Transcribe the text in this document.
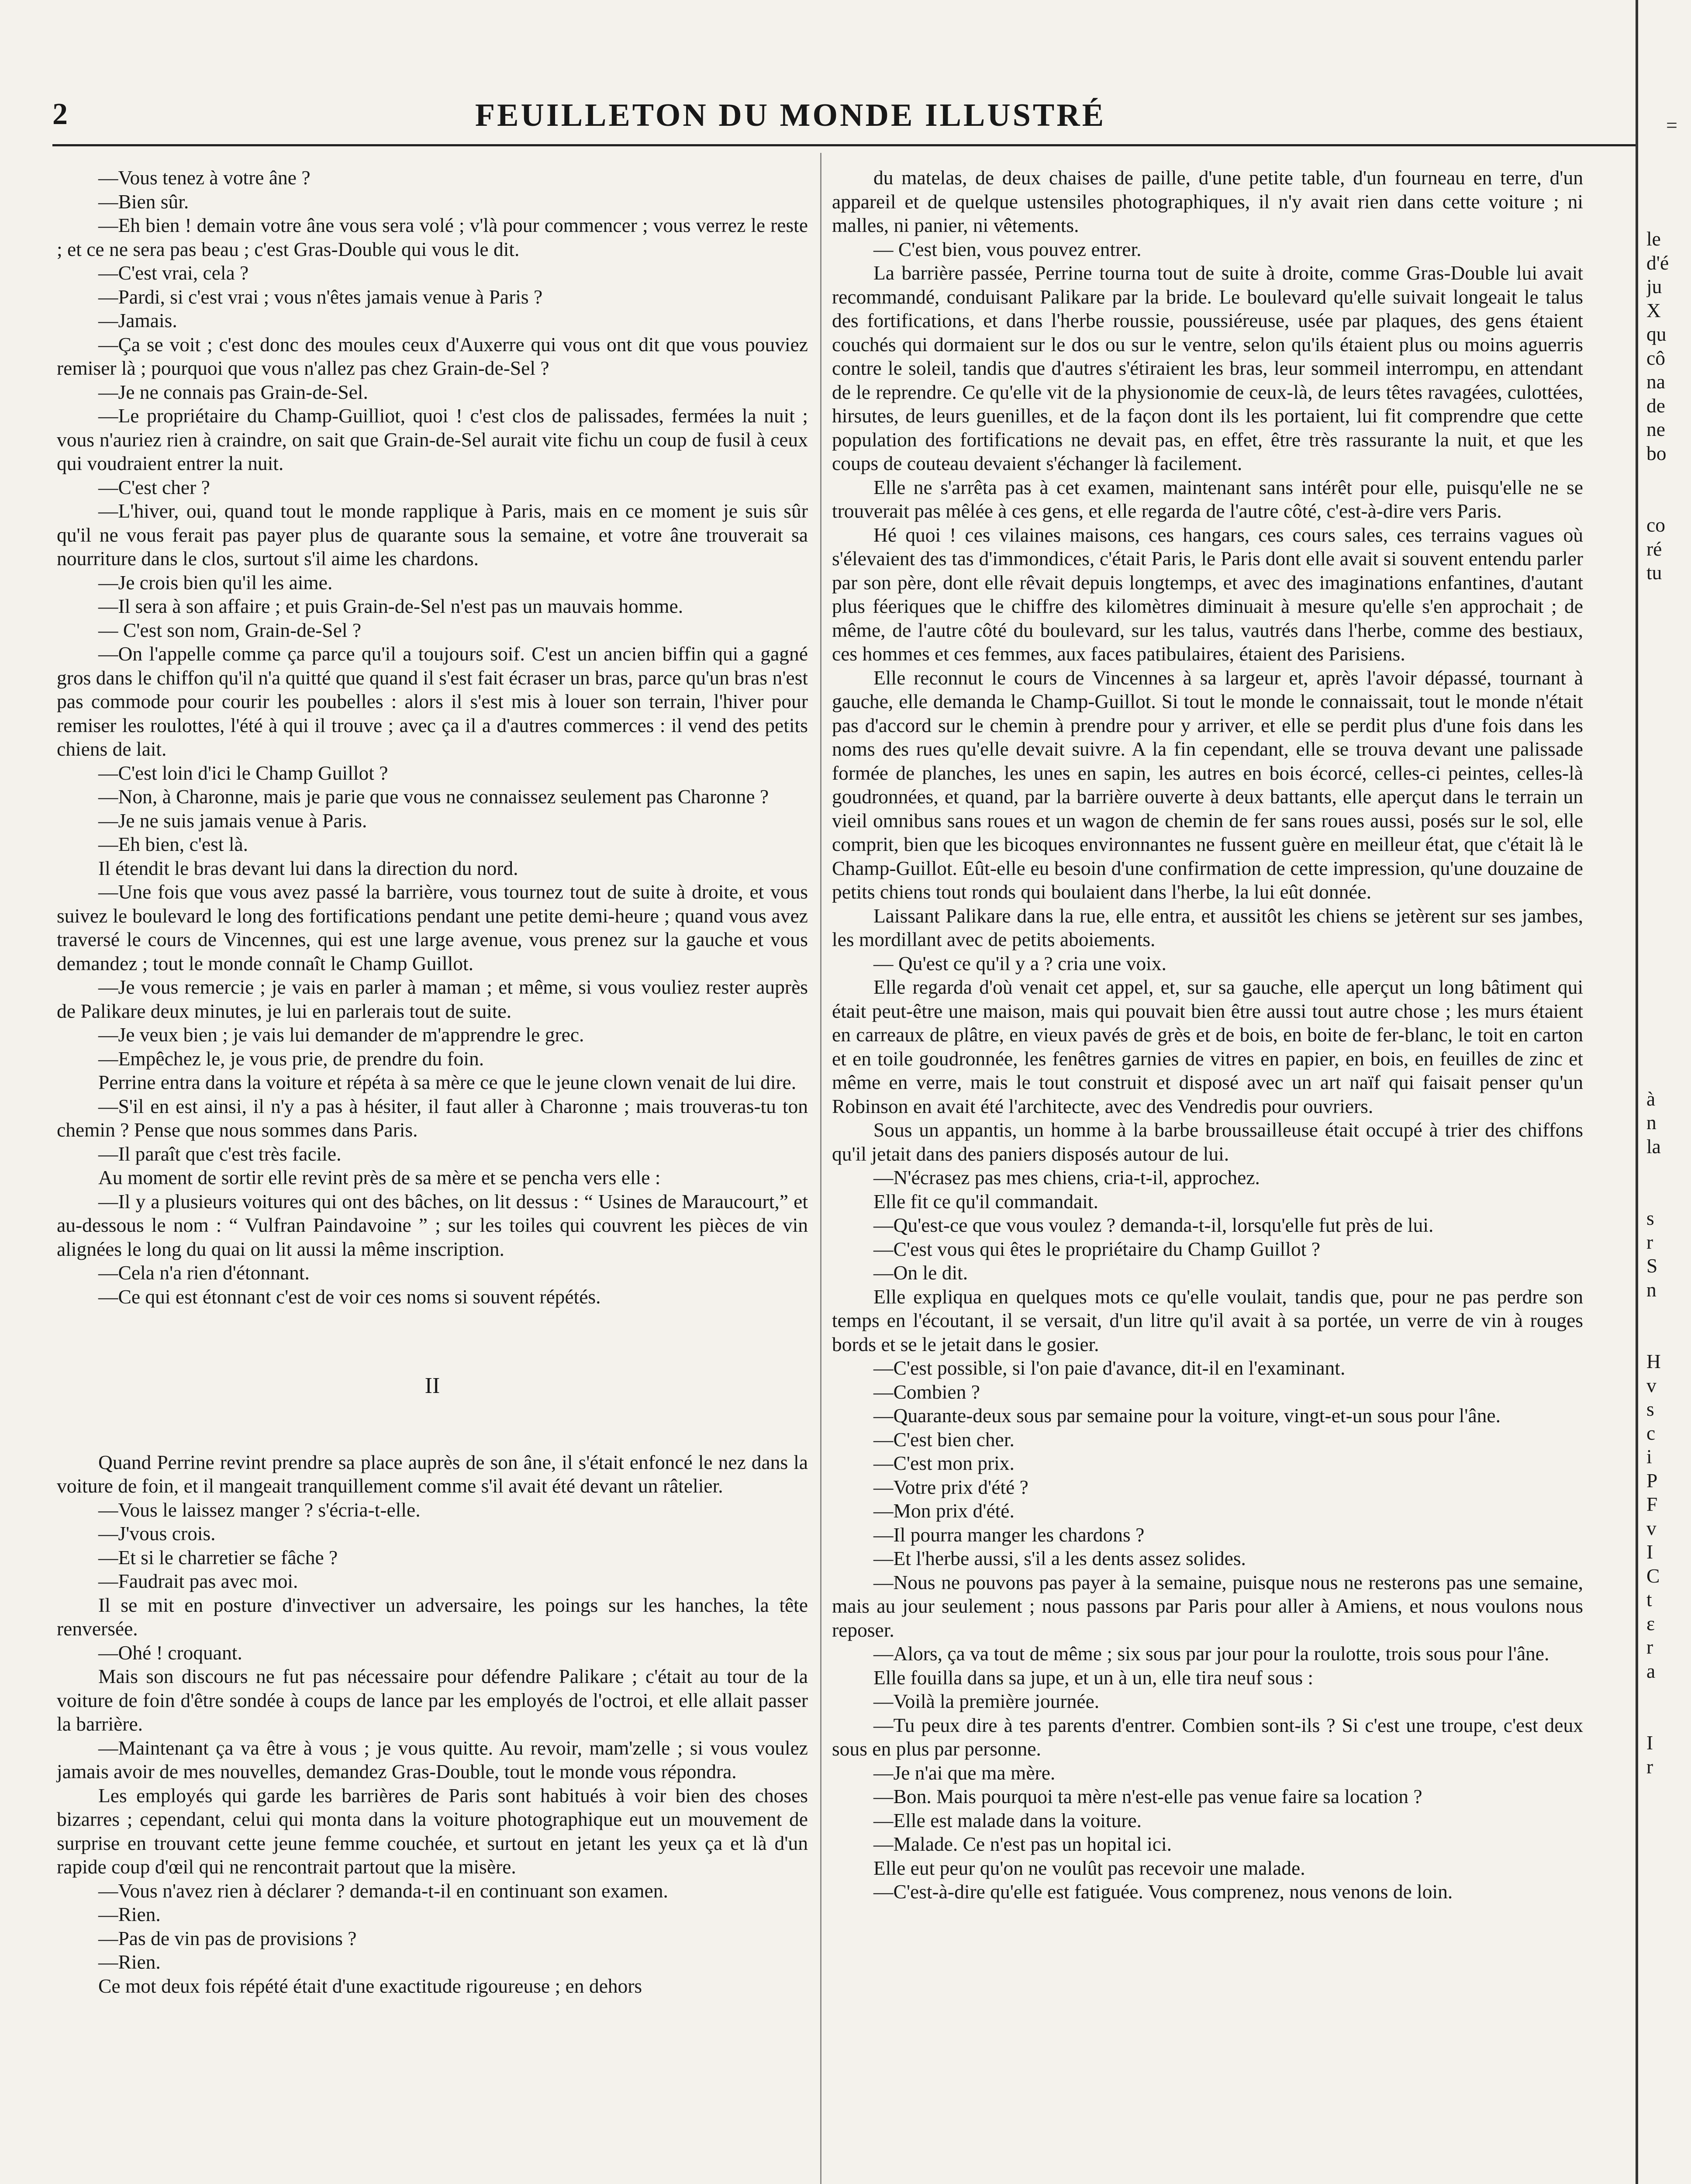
2	FEUILLETON DU MONDE ILLUSTRÉ

—Vous tenez à votre âne ?

—Bien sûr.

—Eh bien ! demain votre âne vous sera volé ; v'là pour commencer ; vous verrez le reste ; et ce ne sera pas beau ; c'est Gras-Double qui vous le dit.

—C'est vrai, cela ?

—Pardi, si c'est vrai ; vous n'êtes jamais venue à Paris ?

—Jamais.

—Ça se voit ; c'est donc des moules ceux d'Auxerre qui vous ont dit que vous pouviez remiser là ; pourquoi que vous n'allez pas chez Grain-de-Sel ?

—Je ne connais pas Grain-de-Sel.

—Le propriétaire du Champ-Guilliot, quoi ! c'est clos de palissades, fermées la nuit ; vous n'auriez rien à craindre, on sait que Grain-de-Sel aurait vite fichu un coup de fusil à ceux qui voudraient entrer la nuit.

—C'est cher ?

—L'hiver, oui, quand tout le monde rapplique à Paris, mais en ce moment je suis sûr qu'il ne vous ferait pas payer plus de quarante sous la semaine, et votre âne trouverait sa nourriture dans le clos, surtout s'il aime les chardons.

—Je crois bien qu'il les aime.

—Il sera à son affaire ; et puis Grain-de-Sel n'est pas un mauvais homme.

— C'est son nom, Grain-de-Sel ?

—On l'appelle comme ça parce qu'il a toujours soif. C'est un ancien biffin qui a gagné gros dans le chiffon qu'il n'a quitté que quand il s'est fait écraser un bras, parce qu'un bras n'est pas commode pour courir les poubelles : alors il s'est mis à louer son terrain, l'hiver pour remiser les roulottes, l'été à qui il trouve ; avec ça il a d'autres commerces : il vend des petits chiens de lait.

—C'est loin d'ici le Champ Guillot ?

—Non, à Charonne, mais je parie que vous ne connaissez seulement pas Charonne ?

—Je ne suis jamais venue à Paris.

—Eh bien, c'est là.

Il étendit le bras devant lui dans la direction du nord.

—Une fois que vous avez passé la barrière, vous tournez tout de suite à droite, et vous suivez le boulevard le long des fortifications pendant une petite demi-heure ; quand vous avez traversé le cours de Vincennes, qui est une large avenue, vous prenez sur la gauche et vous demandez ; tout le monde connaît le Champ Guillot.

—Je vous remercie ; je vais en parler à maman ; et même, si vous vouliez rester auprès de Palikare deux minutes, je lui en parlerais tout de suite.

—Je veux bien ; je vais lui demander de m'apprendre le grec.

—Empêchez le, je vous prie, de prendre du foin.

Perrine entra dans la voiture et répéta à sa mère ce que le jeune clown venait de lui dire.

—S'il en est ainsi, il n'y a pas à hésiter, il faut aller à Charonne ; mais trouveras-tu ton chemin ? Pense que nous sommes dans Paris.

—Il paraît que c'est très facile.

Au moment de sortir elle revint près de sa mère et se pencha vers elle :

—Il y a plusieurs voitures qui ont des bâches, on lit dessus : “ Usines de Maraucourt,” et au-dessous le nom : “ Vulfran Paindavoine ” ; sur les toiles qui couvrent les pièces de vin alignées le long du quai on lit aussi la même inscription.

—Cela n'a rien d'étonnant.

—Ce qui est étonnant c'est de voir ces noms si souvent répétés.

II

Quand Perrine revint prendre sa place auprès de son âne, il s'était enfoncé le nez dans la voiture de foin, et il mangeait tranquillement comme s'il avait été devant un râtelier.

—Vous le laissez manger ? s'écria-t-elle.

—J'vous crois.

—Et si le charretier se fâche ?

—Faudrait pas avec moi.

Il se mit en posture d'invectiver un adversaire, les poings sur les hanches, la tête renversée.

—Ohé ! croquant.

Mais son discours ne fut pas nécessaire pour défendre Palikare ; c'était au tour de la voiture de foin d'être sondée à coups de lance par les employés de l'octroi, et elle allait passer la barrière.

—Maintenant ça va être à vous ; je vous quitte. Au revoir, mam'zelle ; si vous voulez jamais avoir de mes nouvelles, demandez Gras-Double, tout le monde vous répondra.

Les employés qui garde les barrières de Paris sont habitués à voir bien des choses bizarres ; cependant, celui qui monta dans la voiture photographique eut un mouvement de surprise en trouvant cette jeune femme couchée, et surtout en jetant les yeux ça et là d'un rapide coup d'œil qui ne rencontrait partout que la misère.

—Vous n'avez rien à déclarer ? demanda-t-il en continuant son examen.

—Rien.

—Pas de vin pas de provisions ?

—Rien.

Ce mot deux fois répété était d'une exactitude rigoureuse ; en dehors

du matelas, de deux chaises de paille, d'une petite table, d'un fourneau en terre, d'un appareil et de quelque ustensiles photographiques, il n'y avait rien dans cette voiture ; ni malles, ni panier, ni vêtements.

— C'est bien, vous pouvez entrer.

La barrière passée, Perrine tourna tout de suite à droite, comme Gras-Double lui avait recommandé, conduisant Palikare par la bride. Le boulevard qu'elle suivait longeait le talus des fortifications, et dans l'herbe roussie, poussiéreuse, usée par plaques, des gens étaient couchés qui dormaient sur le dos ou sur le ventre, selon qu'ils étaient plus ou moins aguerris contre le soleil, tandis que d'autres s'étiraient les bras, leur sommeil interrompu, en attendant de le reprendre. Ce qu'elle vit de la physionomie de ceux-là, de leurs têtes ravagées, culottées, hirsutes, de leurs guenilles, et de la façon dont ils les portaient, lui fit comprendre que cette population des fortifications ne devait pas, en effet, être très rassurante la nuit, et que les coups de couteau devaient s'échanger là facilement.

Elle ne s'arrêta pas à cet examen, maintenant sans intérêt pour elle, puisqu'elle ne se trouverait pas mêlée à ces gens, et elle regarda de l'autre côté, c'est-à-dire vers Paris.

Hé quoi ! ces vilaines maisons, ces hangars, ces cours sales, ces terrains vagues où s'élevaient des tas d'immondices, c'était Paris, le Paris dont elle avait si souvent entendu parler par son père, dont elle rêvait depuis longtemps, et avec des imaginations enfantines, d'autant plus féeriques que le chiffre des kilomètres diminuait à mesure qu'elle s'en approchait ; de même, de l'autre côté du boulevard, sur les talus, vautrés dans l'herbe, comme des bestiaux, ces hommes et ces femmes, aux faces patibulaires, étaient des Parisiens.

Elle reconnut le cours de Vincennes à sa largeur et, après l'avoir dépassé, tournant à gauche, elle demanda le Champ-Guillot. Si tout le monde le connaissait, tout le monde n'était pas d'accord sur le chemin à prendre pour y arriver, et elle se perdit plus d'une fois dans les noms des rues qu'elle devait suivre. A la fin cependant, elle se trouva devant une palissade formée de planches, les unes en sapin, les autres en bois écorcé, celles-ci peintes, celles-là goudronnées, et quand, par la barrière ouverte à deux battants, elle aperçut dans le terrain un vieil omnibus sans roues et un wagon de chemin de fer sans roues aussi, posés sur le sol, elle comprit, bien que les bicoques environnantes ne fussent guère en meilleur état, que c'était là le Champ-Guillot. Eût-elle eu besoin d'une confirmation de cette impression, qu'une douzaine de petits chiens tout ronds qui boulaient dans l'herbe, la lui eût donnée.

Laissant Palikare dans la rue, elle entra, et aussitôt les chiens se jetèrent sur ses jambes, les mordillant avec de petits aboiements.

— Qu'est ce qu'il y a ? cria une voix.

Elle regarda d'où venait cet appel, et, sur sa gauche, elle aperçut un long bâtiment qui était peut-être une maison, mais qui pouvait bien être aussi tout autre chose ; les murs étaient en carreaux de plâtre, en vieux pavés de grès et de bois, en boite de fer-blanc, le toit en carton et en toile goudronnée, les fenêtres garnies de vitres en papier, en bois, en feuilles de zinc et même en verre, mais le tout construit et disposé avec un art naïf qui faisait penser qu'un Robinson en avait été l'architecte, avec des Vendredis pour ouvriers.

Sous un appantis, un homme à la barbe broussailleuse était occupé à trier des chiffons qu'il jetait dans des paniers disposés autour de lui.

—N'écrasez pas mes chiens, cria-t-il, approchez.

Elle fit ce qu'il commandait.

—Qu'est-ce que vous voulez ? demanda-t-il, lorsqu'elle fut près de lui.

—C'est vous qui êtes le propriétaire du Champ Guillot ?

—On le dit.

Elle expliqua en quelques mots ce qu'elle voulait, tandis que, pour ne pas perdre son temps en l'écoutant, il se versait, d'un litre qu'il avait à sa portée, un verre de vin à rouges bords et se le jetait dans le gosier.

—C'est possible, si l'on paie d'avance, dit-il en l'examinant.

—Combien ?

—Quarante-deux sous par semaine pour la voiture, vingt-et-un sous pour l'âne.

—C'est bien cher.

—C'est mon prix.

—Votre prix d'été ?

—Mon prix d'été.

—Il pourra manger les chardons ?

—Et l'herbe aussi, s'il a les dents assez solides.

—Nous ne pouvons pas payer à la semaine, puisque nous ne resterons pas une semaine, mais au jour seulement ; nous passons par Paris pour aller à Amiens, et nous voulons nous reposer.

—Alors, ça va tout de même ; six sous par jour pour la roulotte, trois sous pour l'âne.

Elle fouilla dans sa jupe, et un à un, elle tira neuf sous :

—Voilà la première journée.

—Tu peux dire à tes parents d'entrer. Combien sont-ils ? Si c'est une troupe, c'est deux sous en plus par personne.

—Je n'ai que ma mère.

—Bon. Mais pourquoi ta mère n'est-elle pas venue faire sa location ?

—Elle est malade dans la voiture.

—Malade. Ce n'est pas un hopital ici.

Elle eut peur qu'on ne voulût pas recevoir une malade.

—C'est-à-dire qu'elle est fatiguée. Vous comprenez, nous venons de loin.

=
le
d'é
ju
X
qu
cô
na
de
ne
bo
co
ré
tu
à
n
la
s
r
S
n
H
v
s
c
i
P
F
v
I
C
t
ε
r
a
I
r
